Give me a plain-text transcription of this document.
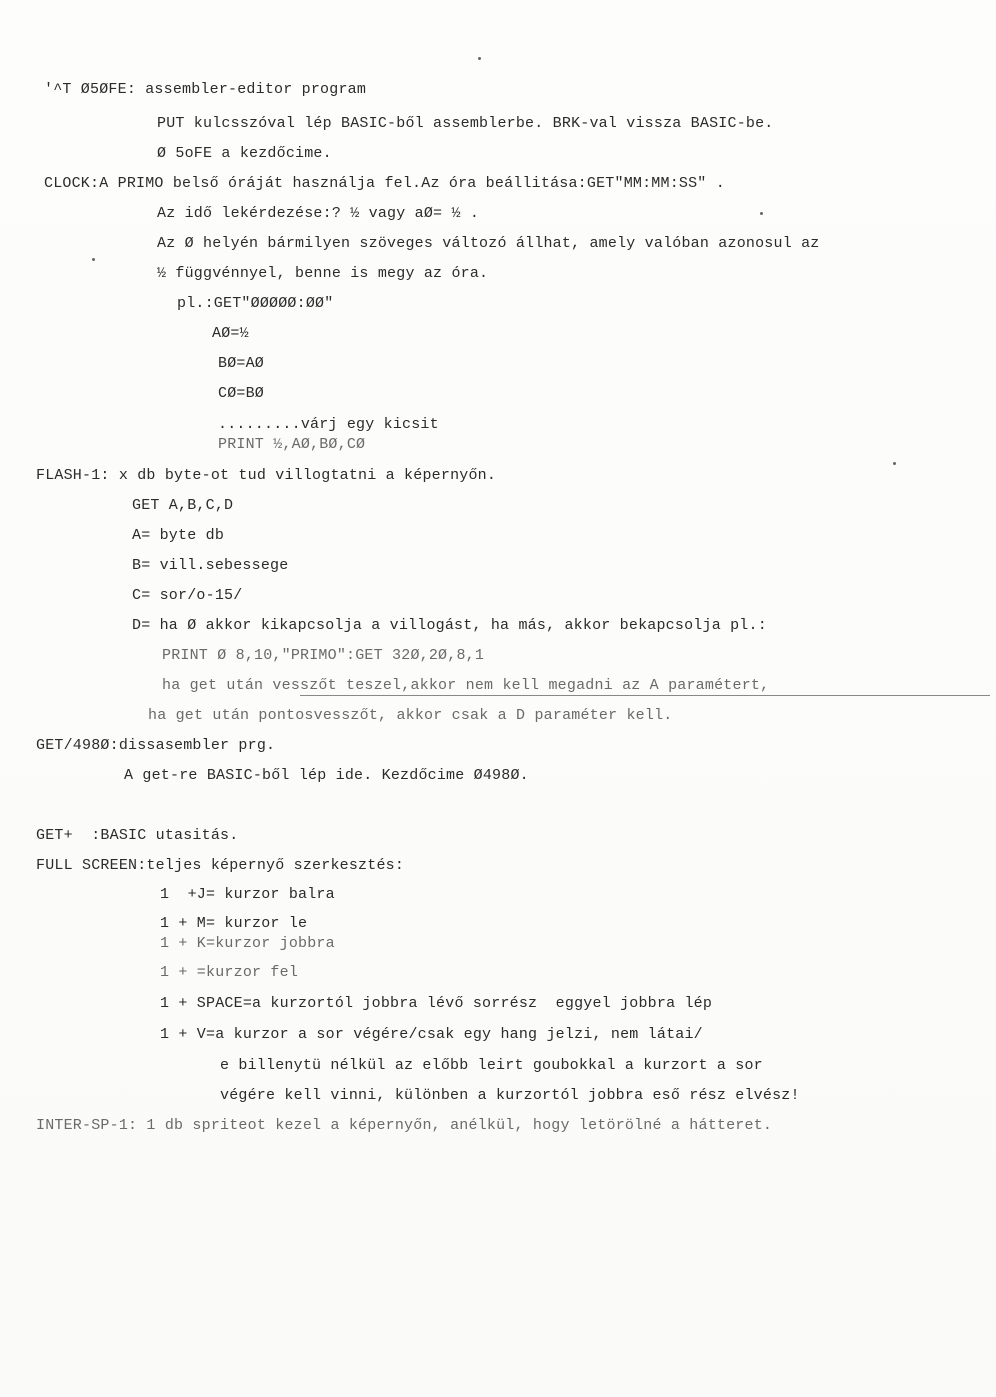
'^T Ø5ØFE: assembler-editor program
PUT kulcsszóval lép BASIC-ből assemblerbe. BRK-val vissza BASIC-be.
Ø 5oFE a kezdőcime.
CLOCK:A PRIMO belső óráját használja fel.Az óra beállitása:GET"MM:MM:SS" .
Az idő lekérdezése:? ½ vagy aØ= ½ .
Az Ø helyén bármilyen szöveges változó állhat, amely valóban azonosul az
½ függvénnyel, benne is megy az óra.
pl.:GET"ØØØØØ:ØØ"
AØ=½
BØ=AØ
CØ=BØ
.........várj egy kicsit
PRINT ½,AØ,BØ,CØ
FLASH-1: x db byte-ot tud villogtatni a képernyőn.
GET A,B,C,D
A= byte db
B= vill.sebessege
C= sor/o-15/
D= ha Ø akkor kikapcsolja a villogást, ha más, akkor bekapcsolja pl.:
PRINT Ø 8,10,"PRIMO":GET 32Ø,2Ø,8,1
ha get után vesszőt teszel,akkor nem kell megadni az A paramétert,
ha get után pontosvesszőt, akkor csak a D paraméter kell.
GET/498Ø:dissasembler prg.
A get-re BASIC-ből lép ide. Kezdőcime Ø498Ø.
GET+  :BASIC utasitás.
FULL SCREEN:teljes képernyő szerkesztés:
1  +J= kurzor balra
1 + M= kurzor le
1 + K=kurzor jobbra
1 + =kurzor fel
1 + SPACE=a kurzortól jobbra lévő sorrész  eggyel jobbra lép
1 + V=a kurzor a sor végére/csak egy hang jelzi, nem látai/
e billenytü nélkül az előbb leirt goubokkal a kurzort a sor
végére kell vinni, különben a kurzortól jobbra eső rész elvész!
INTER-SP-1: 1 db spriteot kezel a képernyőn, anélkül, hogy letörölné a hátteret.
